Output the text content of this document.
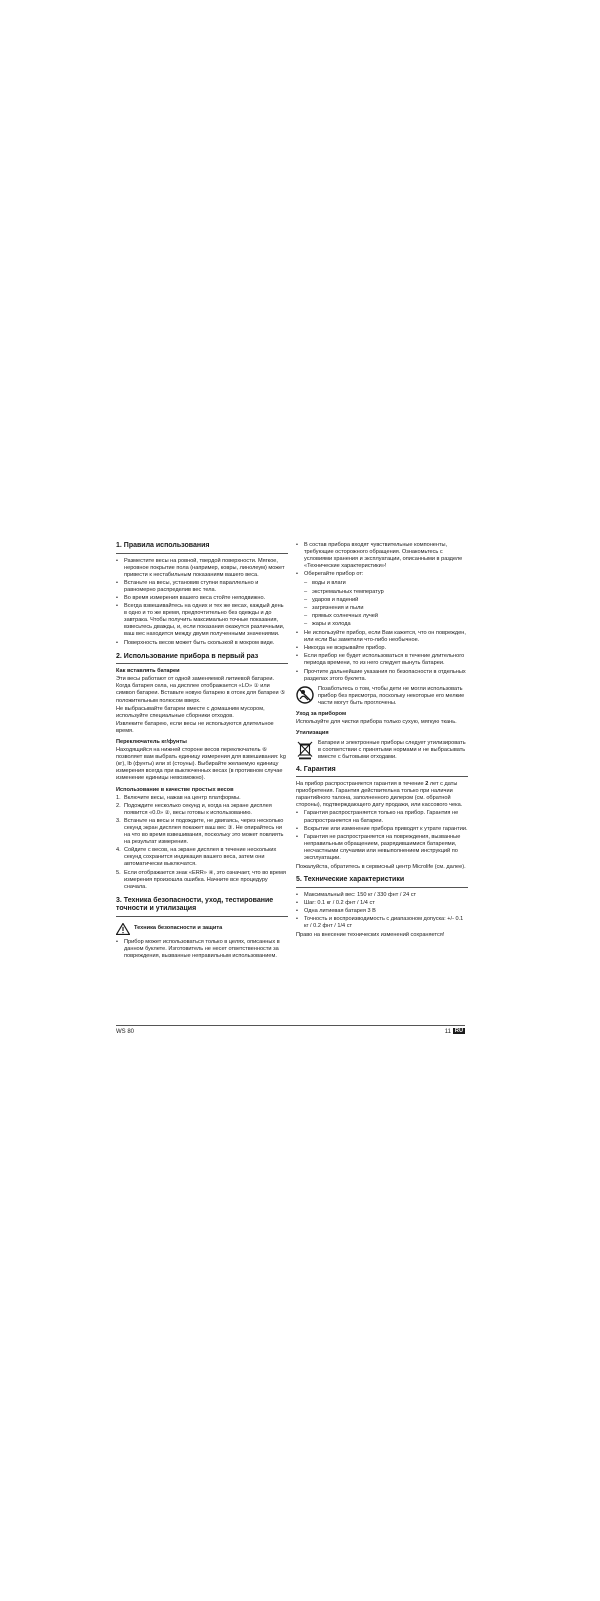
1. Правила использования
• Разместите весы на ровной, твердой поверхности. Мягкое, неровное покрытие пола (например, ковры, линолеум) может привести к нестабильным показаниям вашего веса.
• Встаньте на весы, установив ступни параллельно и равномерно распределив вес тела.
• Во время измерения вашего веса стойте неподвижно.
• Всегда взвешивайтесь на одних и тех же весах, каждый день в одно и то же время, предпочтительно без одежды и до завтрака. Чтобы получить максимально точные показания, взвесьтесь дважды, и, если показания окажутся различными, ваш вес находится между двумя полученными значениями.
• Поверхность весов может быть скользкой в мокром виде.
2. Использование прибора в первый раз
Как вставлять батареи

Эти весы работают от одной заменяемой литиевой батареи. Когда батарея села, на дисплее отображается «LO» ① или символ батареи. Вставьте новую батарею в отсек для батареи ⑤ положительным полюсом вверх.

Не выбрасывайте батареи вместе с домашним мусором, используйте специальные сборники отходов.

Извлеките батарею, если весы не используются длительное время.

Переключатель кг/фунты

Находящийся на нижней стороне весов переключатель ⑥ позволяет вам выбрать единицу измерения для взвешивания: kg (кг), lb (фунты) или st (стоуны). Выбирайте желаемую единицу измерения всегда при выключенных весах (в противном случае изменение единицы невозможно).

Использование в качестве простых весов
1. Включите весы, нажав на центр платформы.
2. Подождите несколько секунд и, когда на экране дисплея появится «0.0» ②, весы готовы к использованию.
3. Встаньте на весы и подождите, не двигаясь, через несколько секунд экран дисплея покажет ваш вес ③. Не опирайтесь ни на что во время взвешивания, поскольку это может повлиять на результат измерения.
4. Сойдите с весов, на экране дисплея в течение нескольких секунд сохранится индикация вашего веса, затем они автоматически выключатся.
5. Если отображается знак «ERR» ④, это означает, что во время измерения произошла ошибка. Начните все процедуру сначала.
3. Техника безопасности, уход, тестирование точности и утилизация
Техника безопасности и защита
• Прибор может использоваться только в целях, описанных в данном буклете. Изготовитель не несет ответственности за повреждения, вызванные неправильным использованием.
• В состав прибора входят чувствительные компоненты, требующие осторожного обращения. Ознакомьтесь с условиями хранения и эксплуатации, описанными в разделе «Технические характеристики»!
• Оберегайте прибор от:
– воды и влаги
– экстремальных температур
– ударов и падений
– загрязнения и пыли
– прямых солнечных лучей
– жары и холода
• Не используйте прибор, если Вам кажется, что он поврежден, или если Вы заметили что-либо необычное.
• Никогда не вскрывайте прибор.
• Если прибор не будет использоваться в течение длительного периода времени, то из него следует вынуть батареи.
• Прочтите дальнейшие указания по безопасности в отдельных разделах этого буклета.
Позаботьтесь о том, чтобы дети не могли использовать прибор без присмотра, поскольку некоторые его мелкие части могут быть проглочены.
Уход за прибором

Используйте для чистки прибора только сухую, мягкую ткань.

Утилизация
Батареи и электронные приборы следует утилизировать в соответствии с принятыми нормами и не выбрасывать вместе с бытовыми отходами.
4. Гарантия

На прибор распространяется гарантия в течение 2 лет с даты приобретения. Гарантия действительна только при наличии гарантийного талона, заполненного дилером (см. обратной стороны), подтверждающего дату продажи, или кассового чека.

• Гарантия распространяется только на прибор. Гарантия не распространяется на батареи.
• Вскрытие или изменение прибора приводят к утрате гарантии.
• Гарантия не распространяется на повреждения, вызванные неправильным обращением, разрядившимися батареями, несчастными случаями или невыполнением инструкций по эксплуатации.

Пожалуйста, обратитесь в сервисный центр Microlife (см. далее).

5. Технические характеристики
• Максимальный вес: 150 кг / 330 фнт / 24 ст
• Шаг: 0.1 кг / 0.2 фнт / 1/4 ст
• Одна литиевая батарея 3 В
• Точность и воспроизводимость с диапазоном допуска: +/- 0.1 кг / 0.2 фнт / 1/4 ст

Право на внесение технических изменений сохраняется!

WS 80	11 RU
